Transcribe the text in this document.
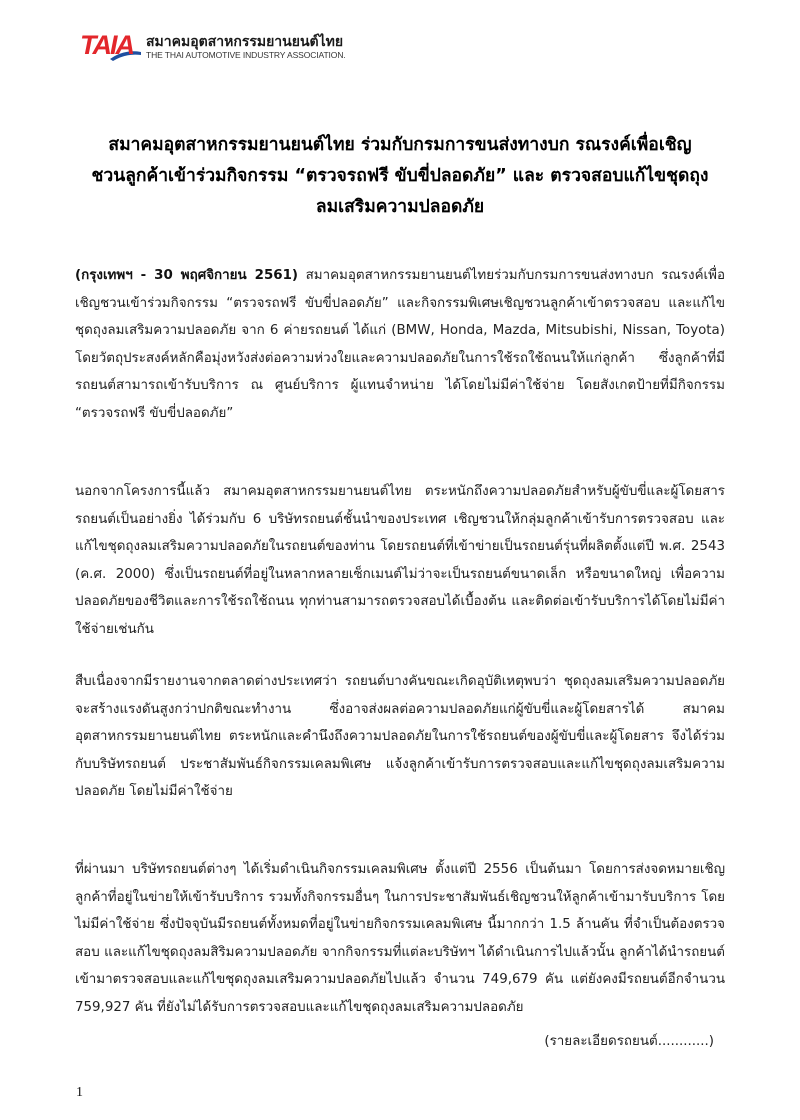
TAIA สมาคมอุตสาหกรรมยานยนต์ไทย
THE THAI AUTOMOTIVE INDUSTRY ASSOCIATION.
สมาคมอุตสาหกรรมยานยนต์ไทย ร่วมกับกรมการขนส่งทางบก รณรงค์เพื่อเชิญ
ชวนลูกค้าเข้าร่วมกิจกรรม “ตรวจรถฟรี ขับขี่ปลอดภัย” และ ตรวจสอบแก้ไขชุดถุง
ลมเสริมความปลอดภัย

(กรุงเทพฯ - 30 พฤศจิกายน 2561) สมาคมอุตสาหกรรมยานยนต์ไทยร่วมกับกรมการขนส่งทางบก รณรงค์เพื่อเชิญชวนเข้าร่วมกิจกรรม “ตรวจรถฟรี ขับขี่ปลอดภัย” และกิจกรรมพิเศษเชิญชวนลูกค้าเข้าตรวจสอบ และแก้ไขชุดถุงลมเสริมความปลอดภัย จาก 6 ค่ายรถยนต์ ได้แก่ (BMW, Honda, Mazda, Mitsubishi, Nissan, Toyota) โดยวัตถุประสงค์หลักคือมุ่งหวังส่งต่อความห่วงใยและความปลอดภัยในการใช้รถใช้ถนนให้แก่ลูกค้า ซึ่งลูกค้าที่มีรถยนต์สามารถเข้ารับบริการ ณ ศูนย์บริการ ผู้แทนจำหน่าย ได้โดยไม่มีค่าใช้จ่าย โดยสังเกตป้ายที่มีกิจกรรม “ตรวจรถฟรี ขับขี่ปลอดภัย”

นอกจากโครงการนี้แล้ว สมาคมอุตสาหกรรมยานยนต์ไทย ตระหนักถึงความปลอดภัยสำหรับผู้ขับขี่และผู้โดยสารรถยนต์เป็นอย่างยิ่ง ได้ร่วมกับ 6 บริษัทรถยนต์ชั้นนำของประเทศ เชิญชวนให้กลุ่มลูกค้าเข้ารับการตรวจสอบ และแก้ไขชุดถุงลมเสริมความปลอดภัยในรถยนต์ของท่าน โดยรถยนต์ที่เข้าข่ายเป็นรถยนต์รุ่นที่ผลิตตั้งแต่ปี พ.ศ. 2543 (ค.ศ. 2000) ซึ่งเป็นรถยนต์ที่อยู่ในหลากหลายเซ็กเมนต์ไม่ว่าจะเป็นรถยนต์ขนาดเล็ก หรือขนาดใหญ่ เพื่อความปลอดภัยของชีวิตและการใช้รถใช้ถนน ทุกท่านสามารถตรวจสอบได้เบื้องต้น และติดต่อเข้ารับบริการได้โดยไม่มีค่าใช้จ่ายเช่นกัน

สืบเนื่องจากมีรายงานจากตลาดต่างประเทศว่า รถยนต์บางคันขณะเกิดอุบัติเหตุพบว่า ชุดถุงลมเสริมความปลอดภัยจะสร้างแรงดันสูงกว่าปกติขณะทำงาน ซึ่งอาจส่งผลต่อความปลอดภัยแก่ผู้ขับขี่และผู้โดยสารได้ สมาคมอุตสาหกรรมยานยนต์ไทย ตระหนักและคำนึงถึงความปลอดภัยในการใช้รถยนต์ของผู้ขับขี่และผู้โดยสาร จึงได้ร่วมกับบริษัทรถยนต์ ประชาสัมพันธ์กิจกรรมเคลมพิเศษ แจ้งลูกค้าเข้ารับการตรวจสอบและแก้ไขชุดถุงลมเสริมความปลอดภัย โดยไม่มีค่าใช้จ่าย

ที่ผ่านมา บริษัทรถยนต์ต่างๆ ได้เริ่มดำเนินกิจกรรมเคลมพิเศษ ตั้งแต่ปี 2556 เป็นต้นมา โดยการส่งจดหมายเชิญลูกค้าที่อยู่ในข่ายให้เข้ารับบริการ รวมทั้งกิจกรรมอื่นๆ ในการประชาสัมพันธ์เชิญชวนให้ลูกค้าเข้ามารับบริการ โดยไม่มีค่าใช้จ่าย ซึ่งปัจจุบันมีรถยนต์ทั้งหมดที่อยู่ในข่ายกิจกรรมเคลมพิเศษ นี้มากกว่า 1.5 ล้านคัน ที่จำเป็นต้องตรวจสอบ และแก้ไขชุดถุงลมสิริมความปลอดภัย จากกิจกรรมที่แต่ละบริษัทฯ ได้ดำเนินการไปแล้วนั้น ลูกค้าได้นำรถยนต์เข้ามาตรวจสอบและแก้ไขชุดถุงลมเสริมความปลอดภัยไปแล้ว จำนวน 749,679 คัน แต่ยังคงมีรถยนต์อีกจำนวน 759,927 คัน ที่ยังไม่ได้รับการตรวจสอบและแก้ไขชุดถุงลมเสริมความปลอดภัย

(รายละเอียดรถยนต์............)
1
